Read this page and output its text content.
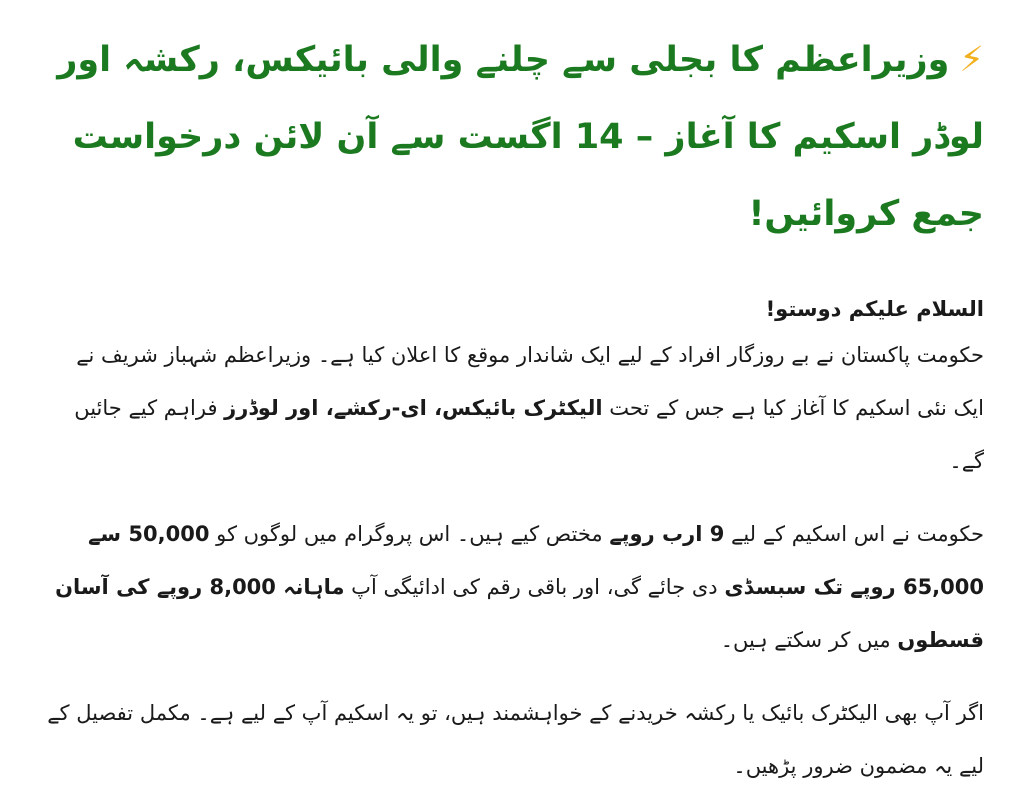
⚡وزیراعظم کا بجلی سے چلنے والی بائیکس، رکشہ اور لوڈر اسکیم کا آغاز – 14 اگست سے آن لائن درخواست جمع کروائیں!
السلام علیکم دوستو!

حکومت پاکستان نے بے روزگار افراد کے لیے ایک شاندار موقع کا اعلان کیا ہے۔ وزیراعظم شہباز شریف نے ایک نئی اسکیم کا آغاز کیا ہے جس کے تحت الیکٹرک بائیکس، ای-رکشے، اور لوڈرز فراہم کیے جائیں گے۔

حکومت نے اس اسکیم کے لیے 9 ارب روپے مختص کیے ہیں۔ اس پروگرام میں لوگوں کو 50,000 سے 65,000 روپے تک سبسڈی دی جائے گی، اور باقی رقم کی ادائیگی آپ ماہانہ 8,000 روپے کی آسان قسطوں میں کر سکتے ہیں۔

اگر آپ بھی الیکٹرک بائیک یا رکشہ خریدنے کے خواہشمند ہیں، تو یہ اسکیم آپ کے لیے ہے۔ مکمل تفصیل کے لیے یہ مضمون ضرور پڑھیں۔
